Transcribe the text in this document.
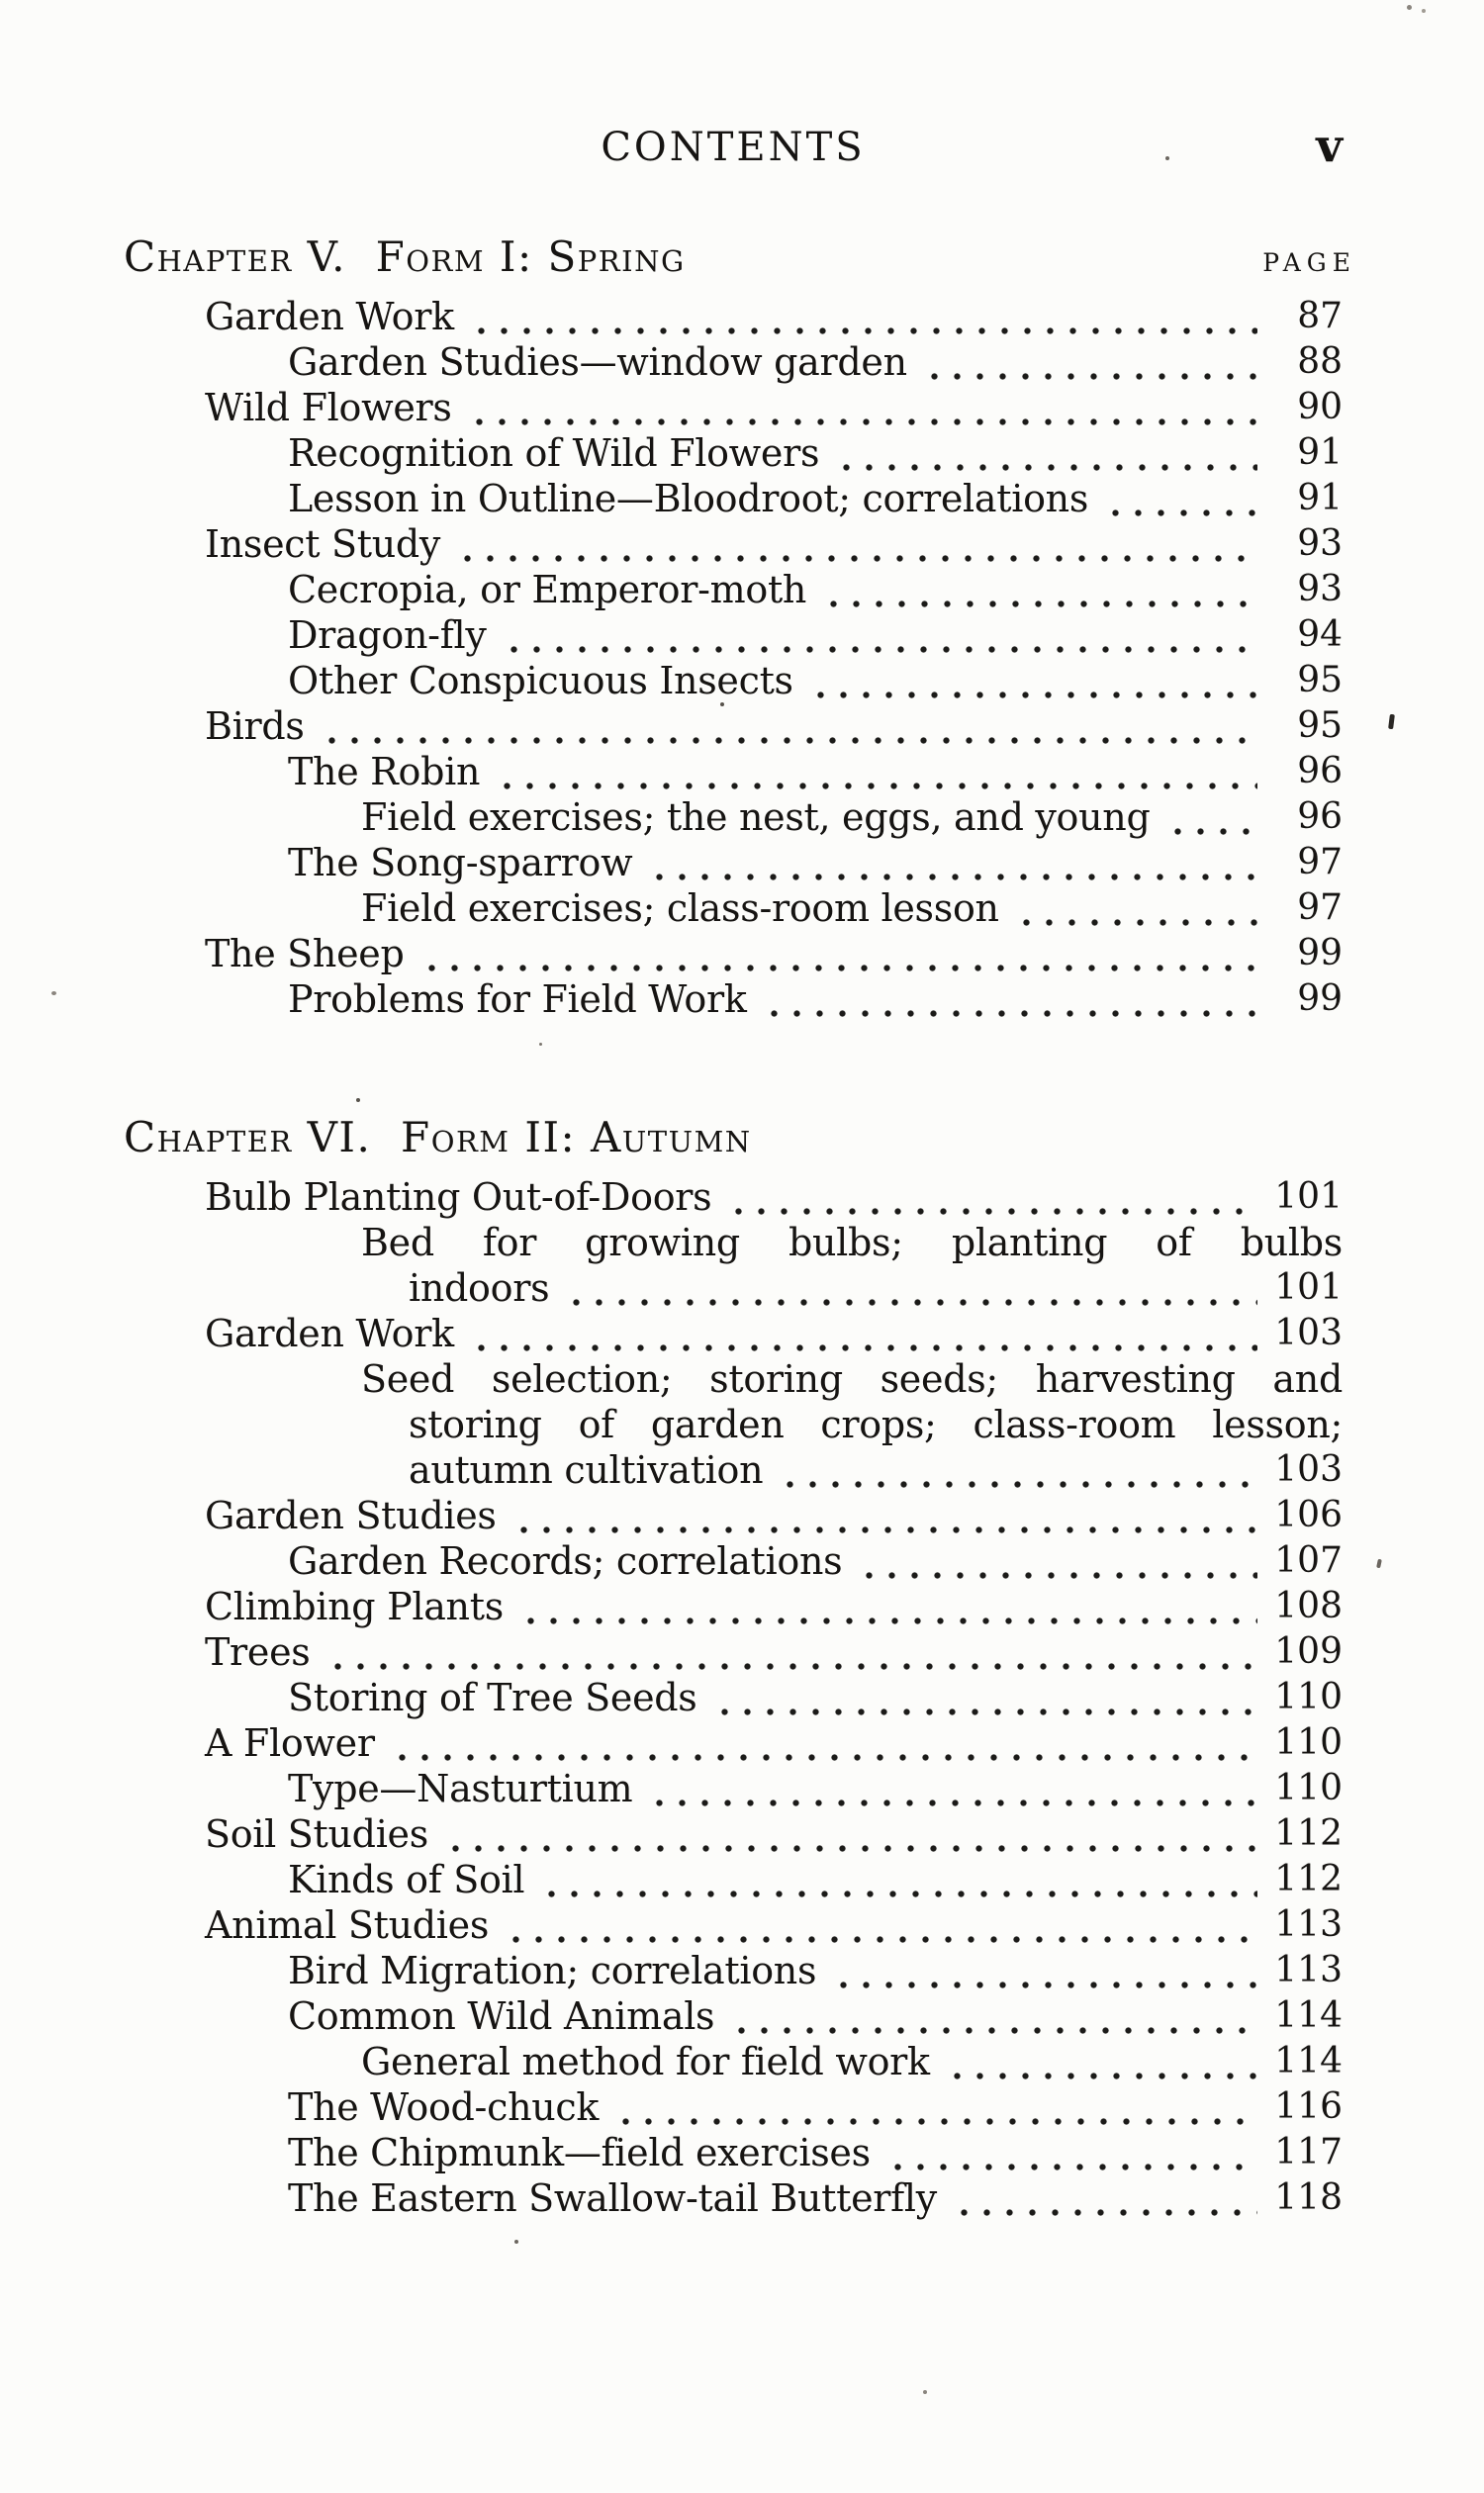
CONTENTS	v
Chapter V.  Form I: Spring	PAGE
Garden Work	87
Garden Studies—window garden	88
Wild Flowers	90
Recognition of Wild Flowers	91
Lesson in Outline—Bloodroot; correlations	91
Insect Study	93
Cecropia, or Emperor-moth	93
Dragon-fly	94
Other Conspicuous Insects	95
Birds	95
The Robin	96
Field exercises; the nest, eggs, and young	96
The Song-sparrow	97
Field exercises; class-room lesson	97
The Sheep	99
Problems for Field Work	99
Chapter VI.  Form II: Autumn
Bulb Planting Out-of-Doors	101
Bed for growing bulbs; planting of bulbs
indoors	101
Garden Work	103
Seed selection; storing seeds; harvesting and
storing of garden crops; class-room lesson;
autumn cultivation	103
Garden Studies	106
Garden Records; correlations	107
Climbing Plants	108
Trees	109
Storing of Tree Seeds	110
A Flower	110
Type—Nasturtium	110
Soil Studies	112
Kinds of Soil	112
Animal Studies	113
Bird Migration; correlations	113
Common Wild Animals	114
General method for field work	114
The Wood-chuck	116
The Chipmunk—field exercises	117
The Eastern Swallow-tail Butterfly	118
